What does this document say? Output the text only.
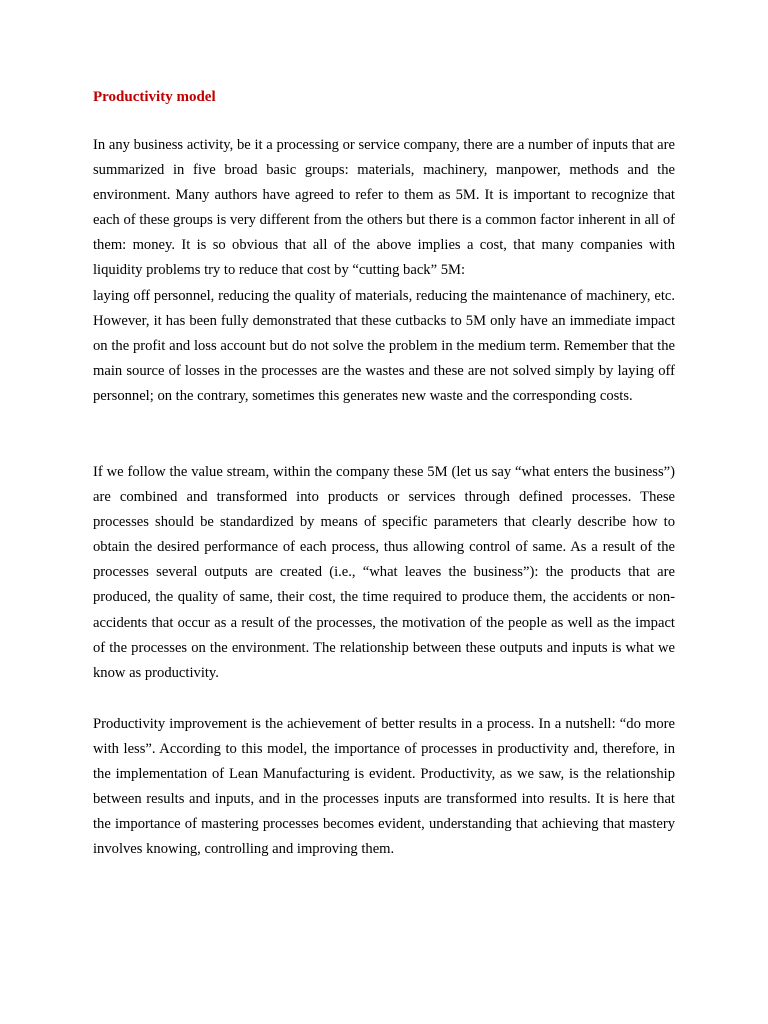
Productivity model
In any business activity, be it a processing or service company, there are a number of inputs that are summarized in five broad basic groups: materials, machinery, manpower, methods and the environment. Many authors have agreed to refer to them as 5M. It is important to recognize that each of these groups is very different from the others but there is a common factor inherent in all of them: money. It is so obvious that all of the above implies a cost, that many companies with liquidity problems try to reduce that cost by “cutting back” 5M:
laying off personnel, reducing the quality of materials, reducing the maintenance of machinery, etc. However, it has been fully demonstrated that these cutbacks to 5M only have an immediate impact on the profit and loss account but do not solve the problem in the medium term. Remember that the main source of losses in the processes are the wastes and these are not solved simply by laying off personnel; on the contrary, sometimes this generates new waste and the corresponding costs.

If we follow the value stream, within the company these 5M (let us say “what enters the business”) are combined and transformed into products or services through defined processes. These processes should be standardized by means of specific parameters that clearly describe how to obtain the desired performance of each process, thus allowing control of same. As a result of the processes several outputs are created (i.e., “what leaves the business”): the products that are produced, the quality of same, their cost, the time required to produce them, the accidents or non-accidents that occur as a result of the processes, the motivation of the people as well as the impact of the processes on the environment. The relationship between these outputs and inputs is what we know as productivity.

Productivity improvement is the achievement of better results in a process. In a nutshell: “do more with less”. According to this model, the importance of processes in productivity and, therefore, in the implementation of Lean Manufacturing is evident. Productivity, as we saw, is the relationship between results and inputs, and in the processes inputs are transformed into results. It is here that the importance of mastering processes becomes evident, understanding that achieving that mastery involves knowing, controlling and improving them.
